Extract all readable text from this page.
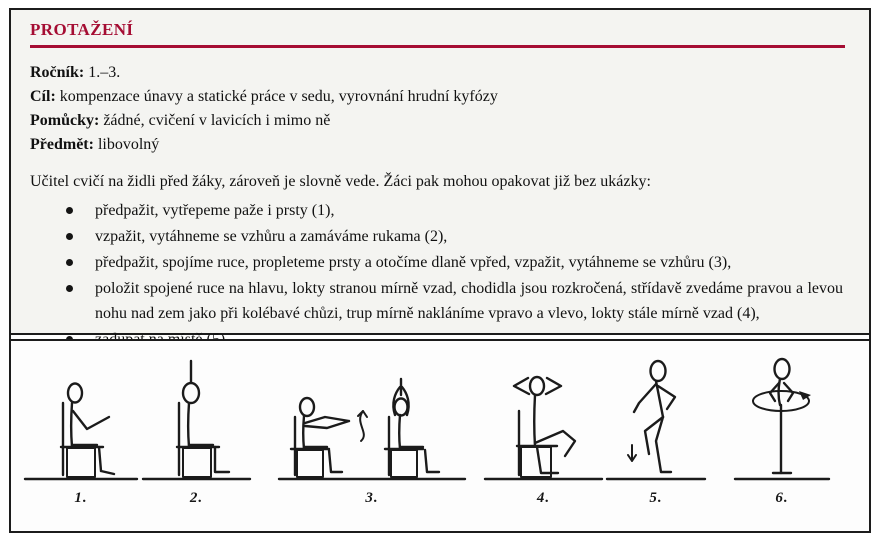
PROTAŽENÍ

Ročník: 1.–3.

Cíl: kompenzace únavy a statické práce v sedu, vyrovnání hrudní kyfózy

Pomůcky: žádné, cvičení v lavicích i mimo ně

Předmět: libovolný

Učitel cvičí na židli před žáky, zároveň je slovně vede. Žáci pak mohou opakovat již bez ukázky:

předpažit, vytřepeme paže i prsty (1),
vzpažit, vytáhneme se vzhůru a zamáváme rukama (2),
předpažit, spojíme ruce, propleteme prsty a otočíme dlaně vpřed, vzpažit, vytáhneme se vzhůru (3),
položit spojené ruce na hlavu, lokty stranou mírně vzad, chodidla jsou rozkročená, střídavě zvedáme pravou a levou nohu nad zem jako při kolébavé chůzi, trup mírně nakláníme vpravo a vlevo, lokty stále mírně vzad (4),
1.	2.	3.	4.	5.	6.
